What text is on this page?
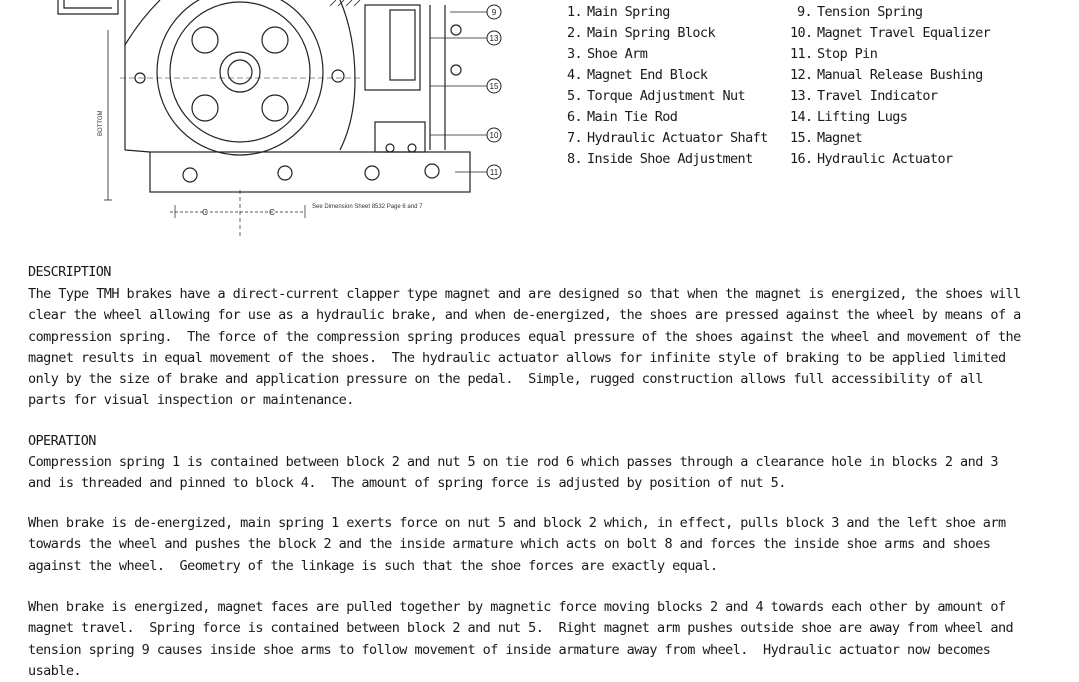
9
13
15
10
11
C	C
See Dimension Sheet 8532 Page 6 and 7
BOTTOM
1. Main Spring
2. Main Spring Block
3. Shoe Arm
4. Magnet End Block
5. Torque Adjustment Nut
6. Main Tie Rod
7. Hydraulic Actuator Shaft
8. Inside Shoe Adjustment
9. Tension Spring
10. Magnet Travel Equalizer
11. Stop Pin
12. Manual Release Bushing
13. Travel Indicator
14. Lifting Lugs
15. Magnet
16. Hydraulic Actuator
DESCRIPTION
The Type TMH brakes have a direct-current clapper type magnet and are designed so that when the magnet is energized, the shoes will
clear the wheel allowing for use as a hydraulic brake, and when de-energized, the shoes are pressed against the wheel by means of a
compression spring.  The force of the compression spring produces equal pressure of the shoes against the wheel and movement of the
magnet results in equal movement of the shoes.  The hydraulic actuator allows for infinite style of braking to be applied limited
only by the size of brake and application pressure on the pedal.  Simple, rugged construction allows full accessibility of all
parts for visual inspection or maintenance.
OPERATION
Compression spring 1 is contained between block 2 and nut 5 on tie rod 6 which passes through a clearance hole in blocks 2 and 3
and is threaded and pinned to block 4.  The amount of spring force is adjusted by position of nut 5.
When brake is de-energized, main spring 1 exerts force on nut 5 and block 2 which, in effect, pulls block 3 and the left shoe arm
towards the wheel and pushes the block 2 and the inside armature which acts on bolt 8 and forces the inside shoe arms and shoes
against the wheel.  Geometry of the linkage is such that the shoe forces are exactly equal.
When brake is energized, magnet faces are pulled together by magnetic force moving blocks 2 and 4 towards each other by amount of
magnet travel.  Spring force is contained between block 2 and nut 5.  Right magnet arm pushes outside shoe are away from wheel and
tension spring 9 causes inside shoe arms to follow movement of inside armature away from wheel.  Hydraulic actuator now becomes
usable.
